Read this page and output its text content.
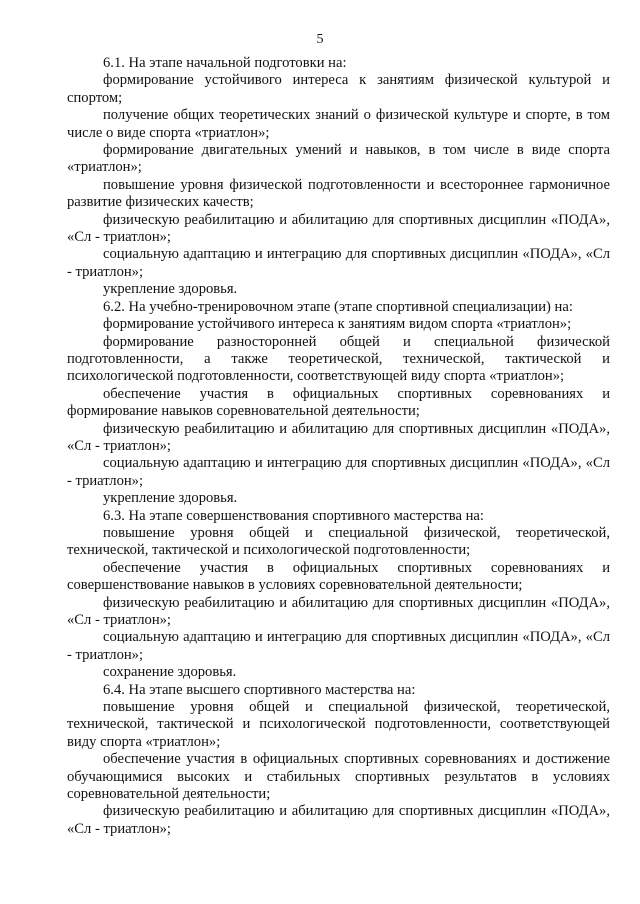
5

6.1. На этапе начальной подготовки на:

формирование устойчивого интереса к занятиям физической культурой и спортом;

получение общих теоретических знаний о физической культуре и спорте, в том числе о виде спорта «триатлон»;

формирование двигательных умений и навыков, в том числе в виде спорта «триатлон»;

повышение уровня физической подготовленности и всестороннее гармоничное развитие физических качеств;

физическую реабилитацию и абилитацию для спортивных дисциплин «ПОДА», «Сл - триатлон»;

социальную адаптацию и интеграцию для спортивных дисциплин «ПОДА», «Сл - триатлон»;

укрепление здоровья.

6.2. На учебно-тренировочном этапе (этапе спортивной специализации) на:

формирование устойчивого интереса к занятиям видом спорта «триатлон»;

формирование разносторонней общей и специальной физической подготовленности, а также теоретической, технической, тактической и психологической подготовленности, соответствующей виду спорта «триатлон»;

обеспечение участия в официальных спортивных соревнованиях и формирование навыков соревновательной деятельности;

физическую реабилитацию и абилитацию для спортивных дисциплин «ПОДА», «Сл - триатлон»;

социальную адаптацию и интеграцию для спортивных дисциплин «ПОДА», «Сл - триатлон»;

укрепление здоровья.

6.3. На этапе совершенствования спортивного мастерства на:

повышение уровня общей и специальной физической, теоретической, технической, тактической и психологической подготовленности;

обеспечение участия в официальных спортивных соревнованиях и совершенствование навыков в условиях соревновательной деятельности;

физическую реабилитацию и абилитацию для спортивных дисциплин «ПОДА», «Сл - триатлон»;

социальную адаптацию и интеграцию для спортивных дисциплин «ПОДА», «Сл - триатлон»;

сохранение здоровья.

6.4. На этапе высшего спортивного мастерства на:

повышение уровня общей и специальной физической, теоретической, технической, тактической и психологической подготовленности, соответствующей виду спорта «триатлон»;

обеспечение участия в официальных спортивных соревнованиях и достижение обучающимися высоких и стабильных спортивных результатов в условиях соревновательной деятельности;

физическую реабилитацию и абилитацию для спортивных дисциплин «ПОДА», «Сл - триатлон»;
